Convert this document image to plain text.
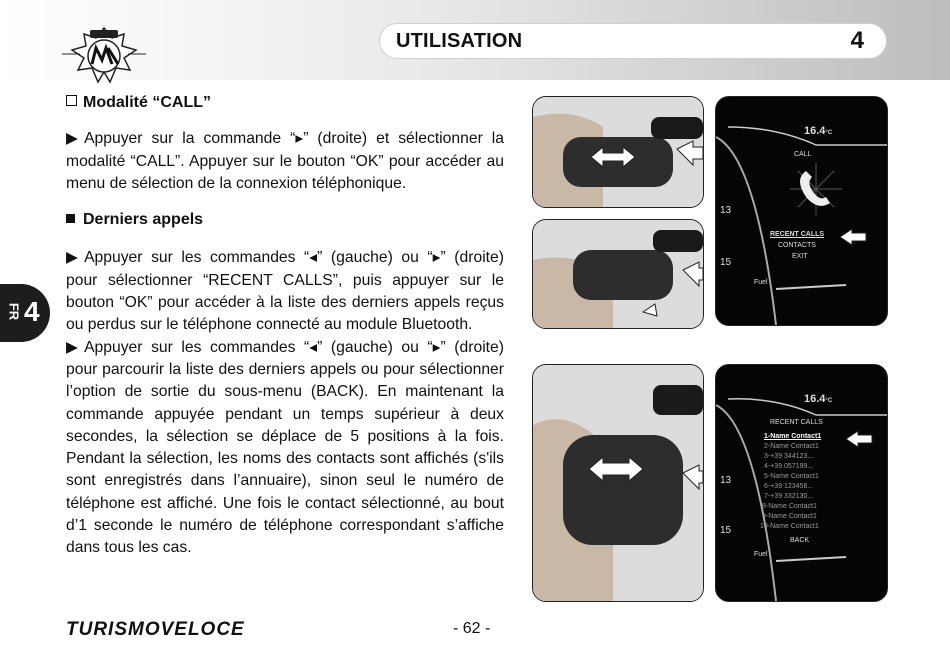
UTILISATION	4
FR 4

Modalité “CALL”

▶ Appuyer sur la commande “▸” (droite) et sélectionner la modalité “CALL”. Appuyer sur le bouton “OK” pour accéder au menu de sélection de la connexion téléphonique.

Derniers appels

▶ Appuyer sur les commandes “◂” (gauche) ou “▸” (droite) pour sélectionner “RECENT CALLS”, puis appuyer sur le bouton “OK” pour accéder à la liste des derniers appels reçus ou perdus sur le téléphone connecté au module Bluetooth.

▶ Appuyer sur les commandes “◂” (gauche) ou “▸” (droite) pour parcourir la liste des derniers appels ou pour sélectionner l’option de sortie du sous-menu (BACK). En maintenant la commande appuyée pendant un temps supérieur à deux secondes, la sélection se déplace de 5 positions à la fois. Pendant la sélection, les noms des contacts sont affichés (s'ils sont enregistrés dans l’annuaire), sinon seul le numéro de téléphone est affiché. Une fois le contact sélectionné, au bout d’1 seconde le numéro de téléphone correspondant s’affiche dans tous les cas.

16.4°C
CALL
RECENT CALLS
CONTACTS
EXIT
13
15
Fuel
16.4°C
RECENT CALLS
1-Name Contact1
2-Name Contact1
3-+39 344123...
4-+39 057199...
5-Name Contact1
6-+39 123456...
7-+39 332130...
8-Name Contact1
9-Name Contact1
10-Name Contact1
BACK
13
15
Fuel
TURISMOVELOCE	- 62 -
